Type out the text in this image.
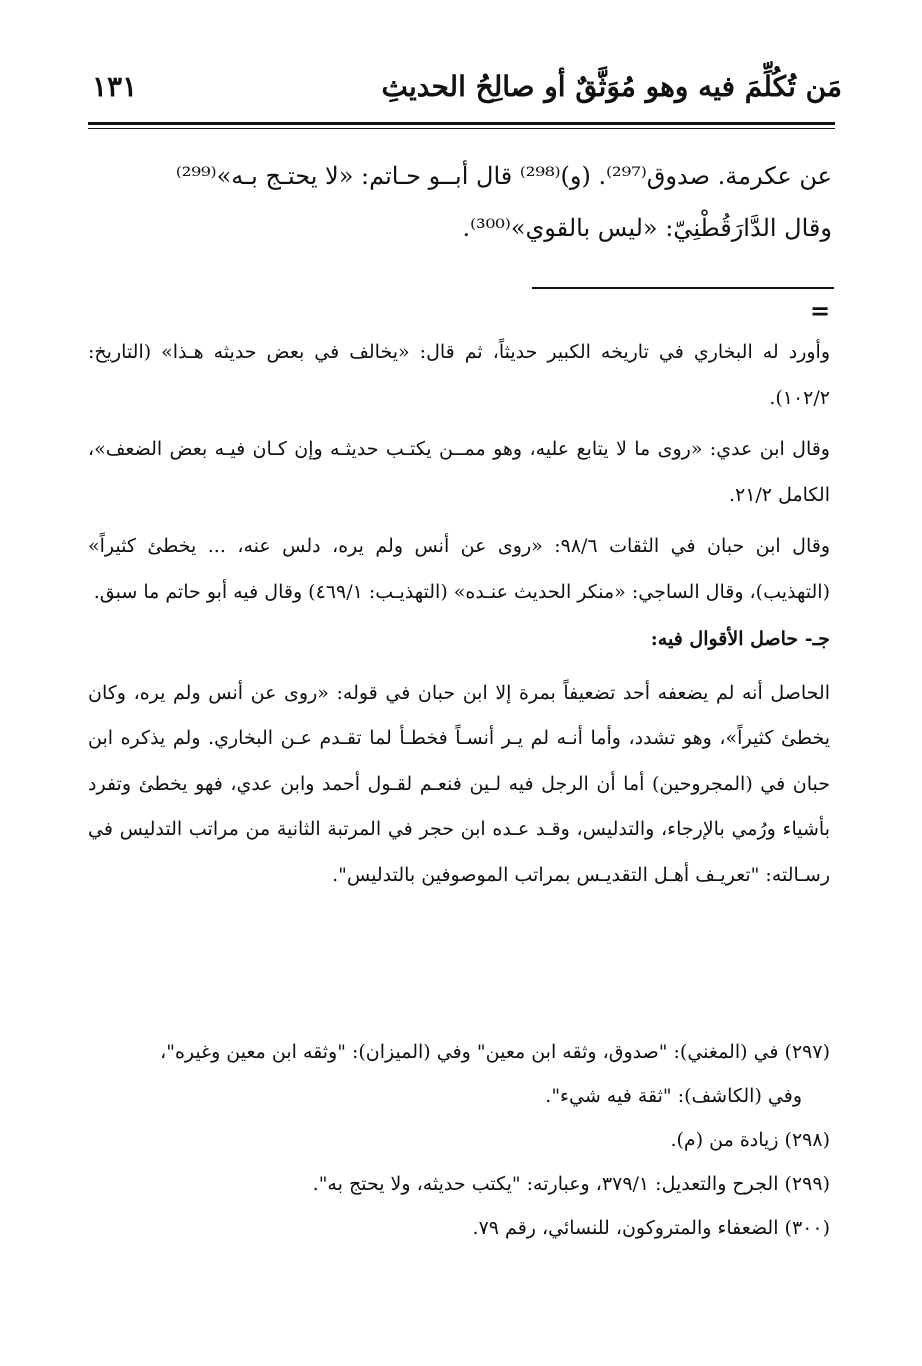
مَن تُكُلِّمَ فيه وهو مُوَثَّقٌ أو صالِحُ الحديثِ
١٣١

عن عكرمة. صدوق⁽²⁹⁷⁾. (و)⁽²⁹⁸⁾ قال أبــو حـاتم: «لا يحتـج بـه»⁽²⁹⁹⁾

وقال الدَّارَقُطْنِيّ: «ليس بالقوي»⁽³⁰⁰⁾.

=

وأورد له البخاري في تاريخه الكبير حديثاً، ثم قال: «يخالف في بعض حديثه هـذا» (التاريخ: ١٠٢/٢).

وقال ابن عدي: «روى ما لا يتابع عليه، وهو ممــن يكتـب حديثـه وإن كـان فيـه بعض الضعف»، الكامل ٢١/٢.

وقال ابن حبان في الثقات ٩٨/٦: «روى عن أنس ولم يره، دلس عنه، ... يخطئ كثيراً» (التهذيب)، وقال الساجي: «منكر الحديث عنـده» (التهذيـب: ٤٦٩/١) وقال فيه أبو حاتم ما سبق.

جـ- حاصل الأقوال فيه:

الحاصل أنه لم يضعفه أحد تضعيفاً بمرة إلا ابن حبان في قوله: «روى عن أنس ولم يره، وكان يخطئ كثيراً»، وهو تشدد، وأما أنـه لم يـر أنسـاً فخطـأ لما تقـدم عـن البخاري. ولم يذكره ابن حبان في (المجروحين) أما أن الرجل فيه لـين فنعـم لقـول أحمد وابن عدي، فهو يخطئ وتفرد بأشياء ورُمي بالإرجاء، والتدليس، وقـد عـده ابن حجر في المرتبة الثانية من مراتب التدليس في رسـالته: "تعريـف أهـل التقديـس بمراتب الموصوفين بالتدليس".

(٢٩٧) في (المغني): "صدوق، وثقه ابن معين" وفي (الميزان): "وثقه ابن معين وغيره"،

وفي (الكاشف): "ثقة فيه شيء".

(٢٩٨) زيادة من (م).

(٢٩٩) الجرح والتعديل: ٣٧٩/١، وعبارته: "يكتب حديثه، ولا يحتج به".

(٣٠٠) الضعفاء والمتروكون، للنسائي، رقم ٧٩.
